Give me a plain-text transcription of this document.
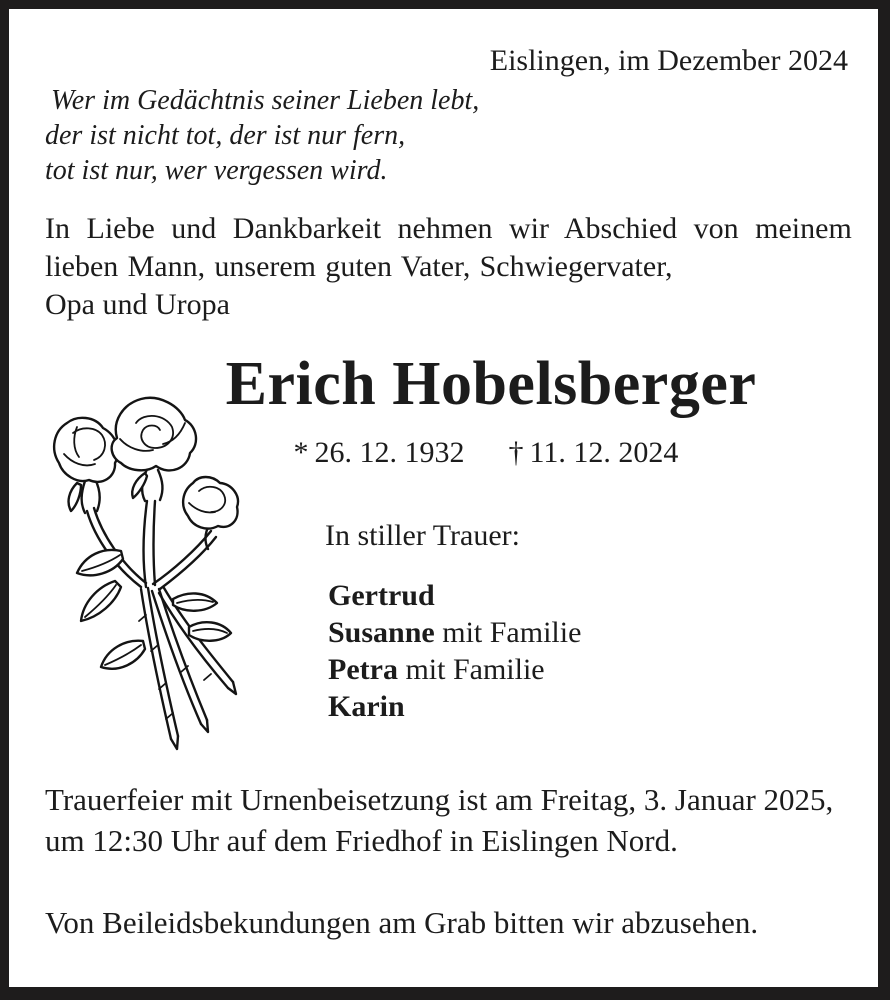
Eislingen, im Dezember 2024
Wer im Gedächtnis seiner Lieben lebt,
der ist nicht tot, der ist nur fern,
tot ist nur, wer vergessen wird.
In Liebe und Dankbarkeit nehmen wir Abschied von meinem
lieben Mann, unserem guten Vater, Schwiegervater,
Opa und Uropa
Erich Hobelsberger
* 26. 12. 1932 † 11. 12. 2024
In stiller Trauer:
Gertrud
Susanne mit Familie
Petra mit Familie
Karin
Trauerfeier mit Urnenbeisetzung ist am Freitag, 3. Januar 2025,
um 12:30 Uhr auf dem Friedhof in Eislingen Nord.
Von Beileidsbekundungen am Grab bitten wir abzusehen.
